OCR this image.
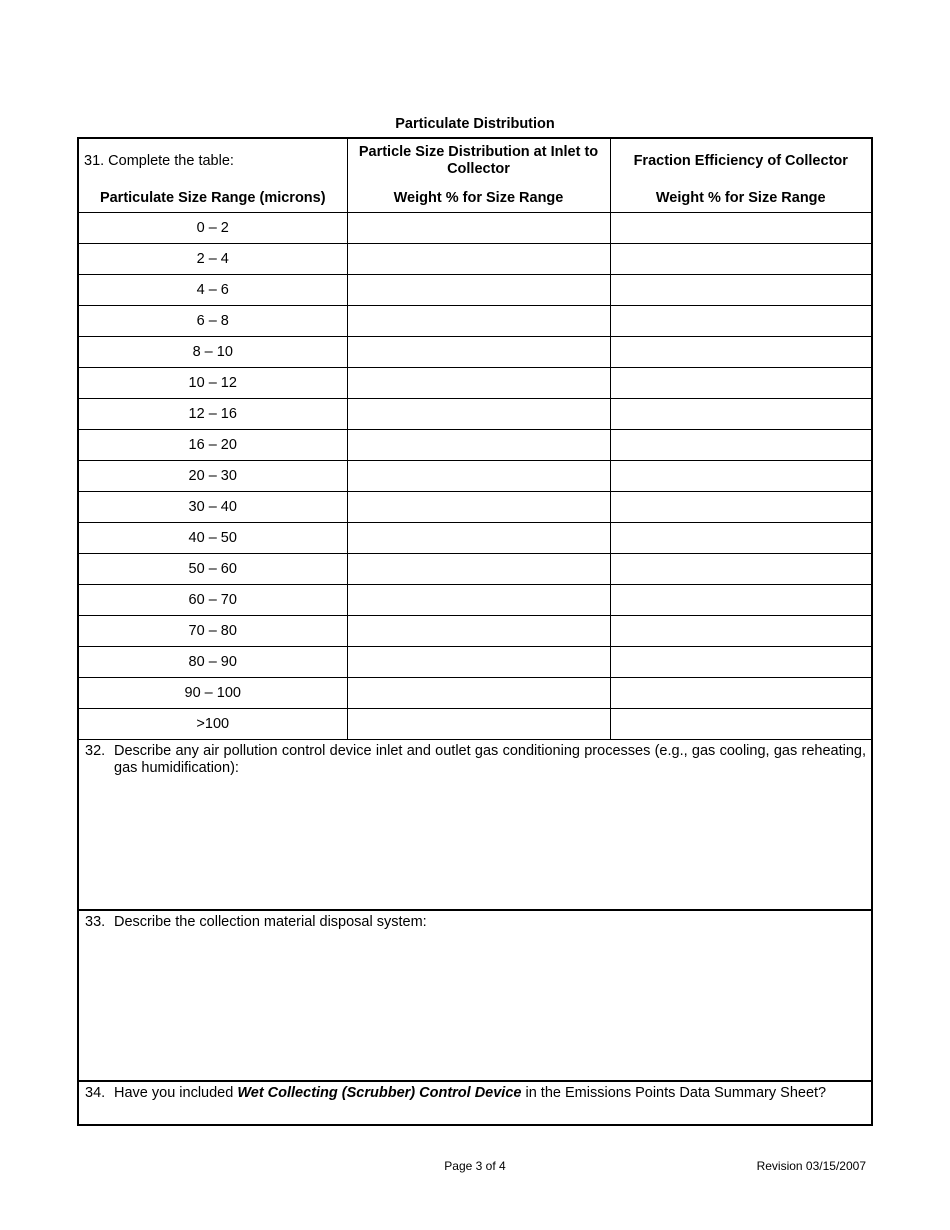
Particulate Distribution
31. Complete the table:	Particle Size Distribution at Inlet to Collector	Fraction Efficiency of Collector
Particulate Size Range (microns)	Weight % for Size Range	Weight % for Size Range
0 – 2		
2 – 4		
4 – 6		
6 – 8		
8 – 10		
10 – 12		
12 – 16		
16 – 20		
20 – 30		
30 – 40		
40 – 50		
50 – 60		
60 – 70		
70 – 80		
80 – 90		
90 – 100		
>100		
32. Describe any air pollution control device inlet and outlet gas conditioning processes (e.g., gas cooling, gas reheating, gas humidification):
33. Describe the collection material disposal system:
34. Have you included Wet Collecting (Scrubber) Control Device in the Emissions Points Data Summary Sheet?
Page 3 of 4	Revision 03/15/2007
